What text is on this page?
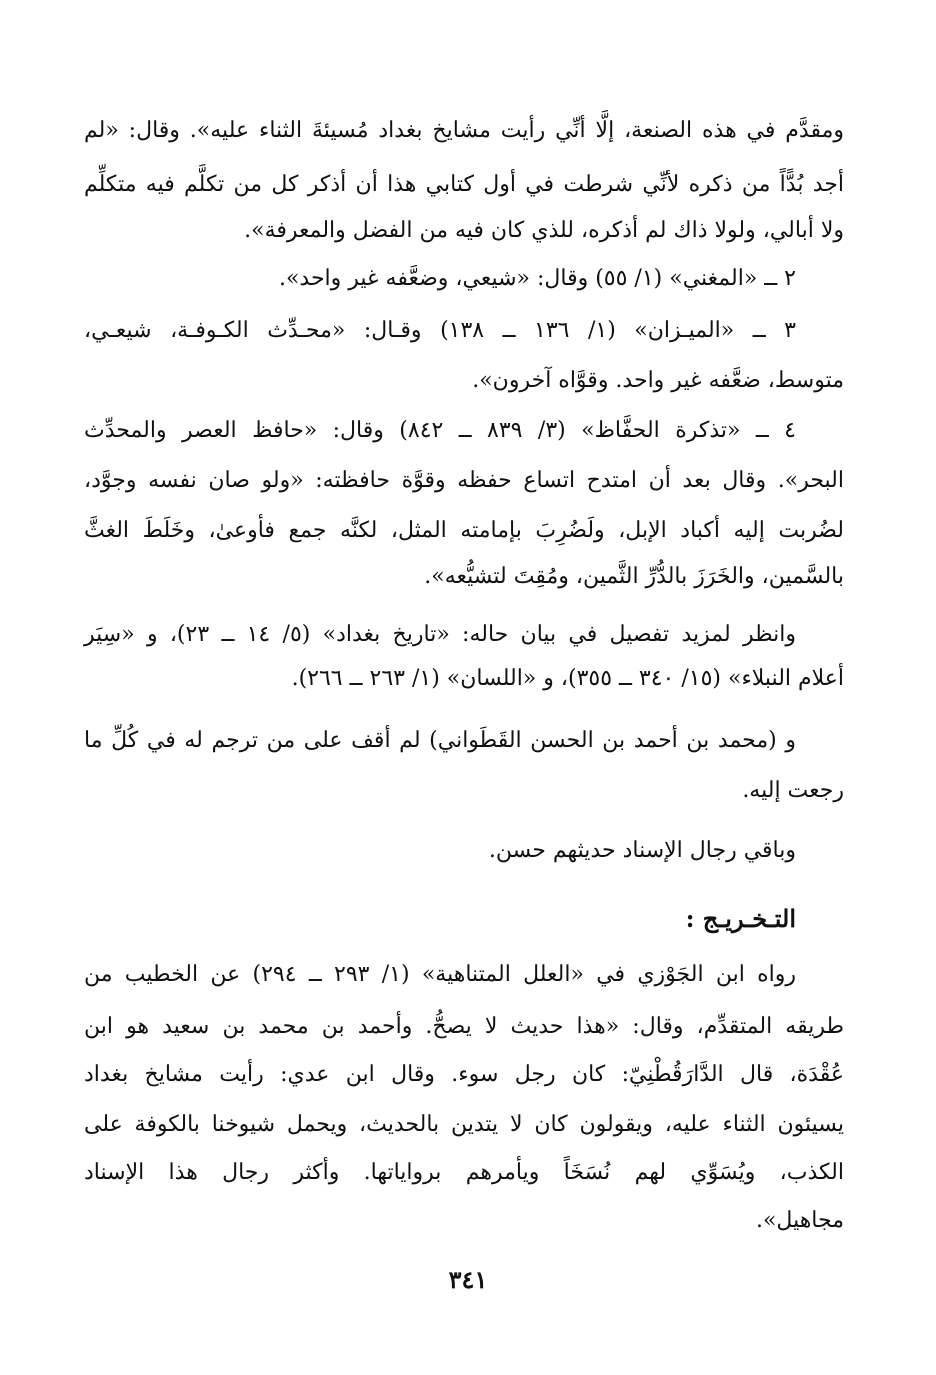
ومقدَّم في هذه الصنعة، إلَّا أنِّي رأيت مشايخ بغداد مُسيئةَ الثناء عليه». وقال: «لم
أجد بُدًّاً من ذكره لأنِّي شرطت في أول كتابي هذا أن أذكر كل من تكلَّم فيه متكلِّم
ولا أبالي، ولولا ذاك لم أذكره، للذي كان فيه من الفضل والمعرفة».
٢ ــ «المغني» (١/ ٥٥) وقال: «شيعي، وضعَّفه غير واحد».
٣ ــ «الميـزان» (١/ ١٣٦ ــ ١٣٨) وقـال: «محـدِّث الكـوفـة، شيعـي،
متوسط، ضعَّفه غير واحد. وقوَّاه آخرون».
٤ ــ «تذكرة الحفَّاظ» (٣/ ٨٣٩ ــ ٨٤٢) وقال: «حافظ العصر والمحدِّث
البحر». وقال بعد أن امتدح اتساع حفظه وقوَّة حافظته: «ولو صان نفسه وجوَّد،
لضُربت إليه أكباد الإبل، ولَضُرِبَ بإمامته المثل، لكنَّه جمع فأوعىٰ، وخَلَطَ الغثَّ
بالسَّمين، والخَرَزَ بالدُّرِّ الثَّمين، ومُقِتَ لتشيُّعه».
وانظر لمزيد تفصيل في بيان حاله: «تاريخ بغداد» (٥/ ١٤ ــ ٢٣)، و «سِيَر
أعلام النبلاء» (١٥/ ٣٤٠ ــ ٣٥٥)، و «اللسان» (١/ ٢٦٣ ــ ٢٦٦).
و (محمد بن أحمد بن الحسن القَطَواني) لم أقف على من ترجم له في كُلِّ ما
رجعت إليه.
وباقي رجال الإسناد حديثهم حسن.
التـخـريـج :
رواه ابن الجَوْزي في «العلل المتناهية» (١/ ٢٩٣ ــ ٢٩٤) عن الخطيب من
طريقه المتقدِّم، وقال: «هذا حديث لا يصحُّ. وأحمد بن محمد بن سعيد هو ابن
عُقْدَة، قال الدَّارَقُطْنِيّ: كان رجل سوء. وقال ابن عدي: رأيت مشايخ بغداد
يسيئون الثناء عليه، ويقولون كان لا يتدين بالحديث، ويحمل شيوخنا بالكوفة على
الكذب، ويُسَوِّي لهم نُسَخَاً ويأمرهم برواياتها. وأكثر رجال هذا الإسناد
مجاهيل».
٣٤١
